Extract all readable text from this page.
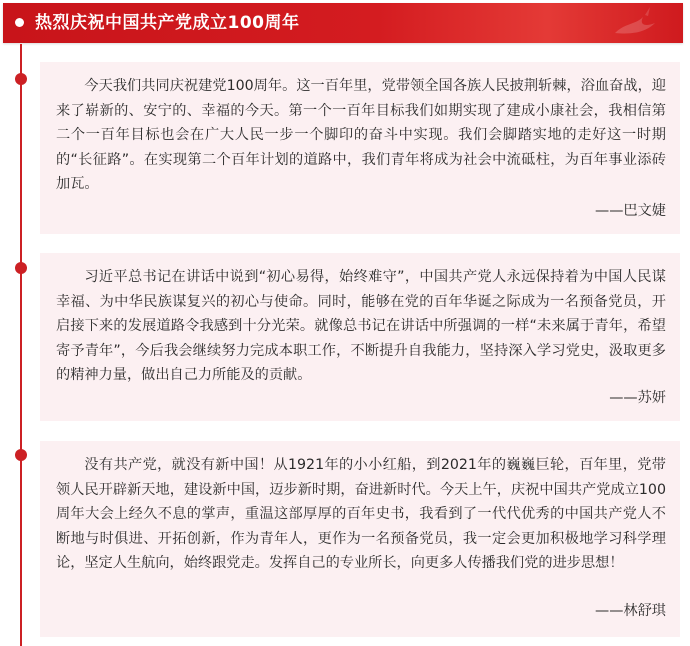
热烈庆祝中国共产党成立100周年

今天我们共同庆祝建党100周年。这一百年里，党带领全国各族人民披荆斩棘，浴血奋战，迎来了崭新的、安宁的、幸福的今天。第一个一百年目标我们如期实现了建成小康社会，我相信第二个一百年目标也会在广大人民一步一个脚印的奋斗中实现。我们会脚踏实地的走好这一时期的“长征路”。在实现第二个百年计划的道路中，我们青年将成为社会中流砥柱，为百年事业添砖加瓦。

——巴文婕

习近平总书记在讲话中说到“初心易得，始终难守”，中国共产党人永远保持着为中国人民谋幸福、为中华民族谋复兴的初心与使命。同时，能够在党的百年华诞之际成为一名预备党员，开启接下来的发展道路令我感到十分光荣。就像总书记在讲话中所强调的一样“未来属于青年，希望寄予青年”，今后我会继续努力完成本职工作，不断提升自我能力，坚持深入学习党史，汲取更多的精神力量，做出自己力所能及的贡献。

——苏妍

没有共产党，就没有新中国！从1921年的小小红船，到2021年的巍巍巨轮，百年里，党带领人民开辟新天地，建设新中国，迈步新时期，奋进新时代。今天上午，庆祝中国共产党成立100周年大会上经久不息的掌声，重温这部厚厚的百年史书，我看到了一代代优秀的中国共产党人不断地与时俱进、开拓创新，作为青年人，更作为一名预备党员，我一定会更加积极地学习科学理论，坚定人生航向，始终跟党走。发挥自己的专业所长，向更多人传播我们党的进步思想！

——林舒琪
